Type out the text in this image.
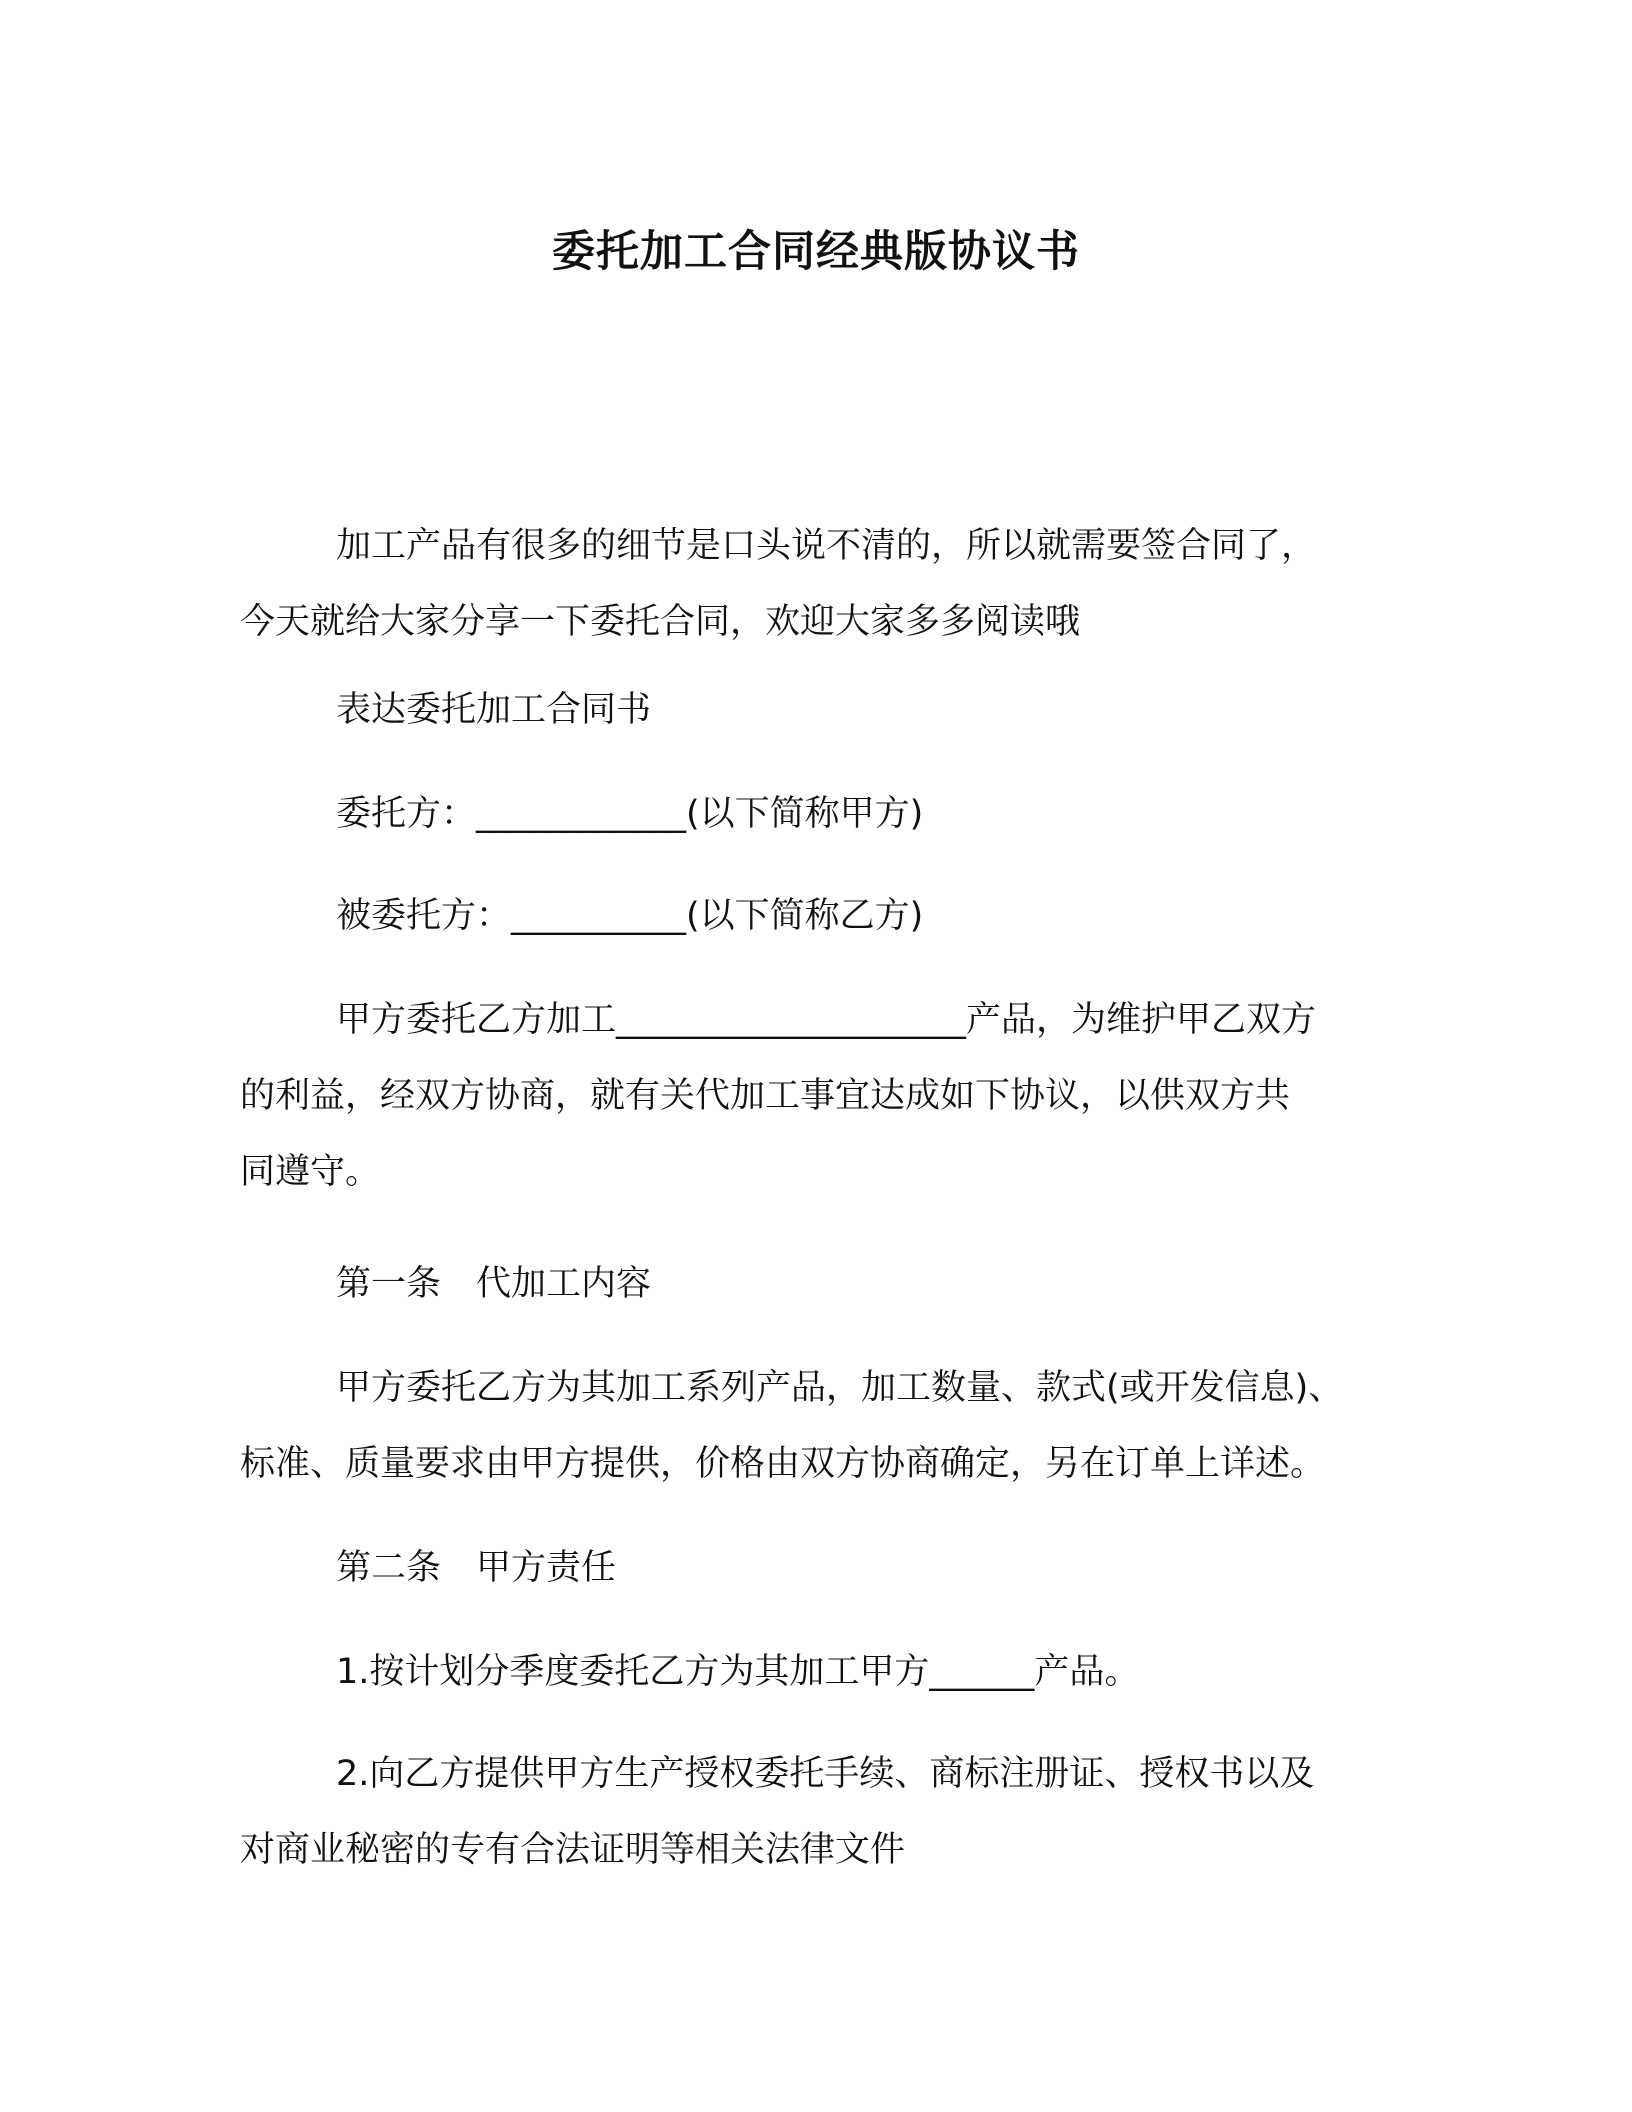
委托加工合同经典版协议书
加工产品有很多的细节是口头说不清的，所以就需要签合同了，
今天就给大家分享一下委托合同，欢迎大家多多阅读哦
表达委托加工合同书
委托方：____________(以下简称甲方)
被委托方：__________(以下简称乙方)
甲方委托乙方加工____________________产品，为维护甲乙双方
的利益，经双方协商，就有关代加工事宜达成如下协议，以供双方共
同遵守。
第一条　代加工内容
甲方委托乙方为其加工系列产品，加工数量、款式(或开发信息)、
标准、质量要求由甲方提供，价格由双方协商确定，另在订单上详述。
第二条　甲方责任
1.按计划分季度委托乙方为其加工甲方______产品。
2.向乙方提供甲方生产授权委托手续、商标注册证、授权书以及
对商业秘密的专有合法证明等相关法律文件
